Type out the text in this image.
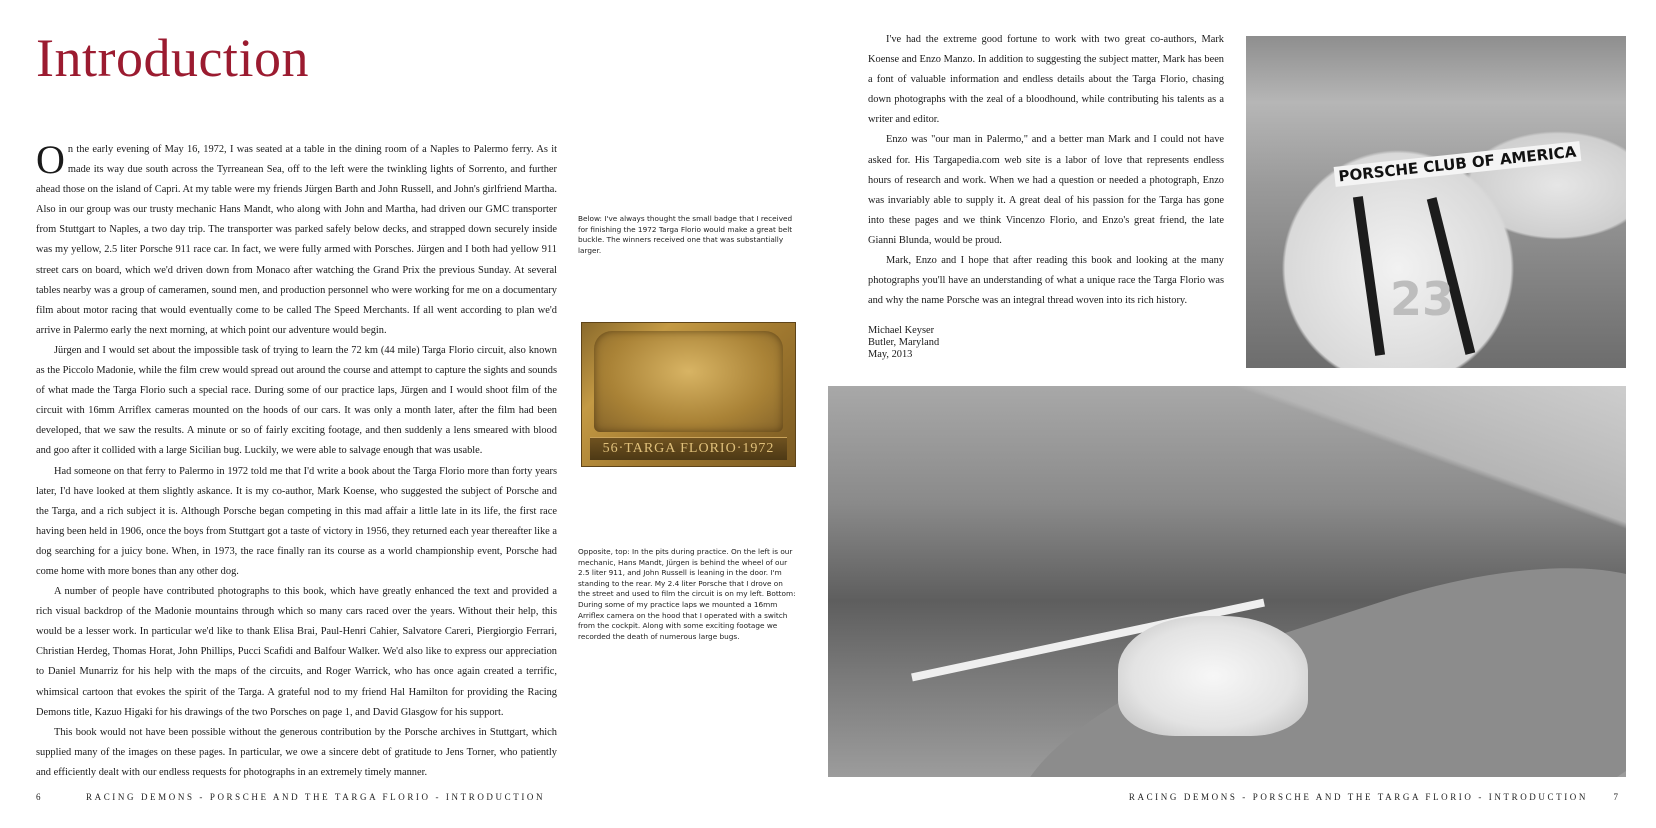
Introduction

On the early evening of May 16, 1972, I was seated at a table in the dining room of a Naples to Palermo ferry. As it made its way due south across the Tyrreanean Sea, off to the left were the twinkling lights of Sorrento, and further ahead those on the island of Capri. At my table were my friends Jürgen Barth and John Russell, and John's girlfriend Martha. Also in our group was our trusty mechanic Hans Mandt, who along with John and Martha, had driven our GMC transporter from Stuttgart to Naples, a two day trip. The transporter was parked safely below decks, and strapped down securely inside was my yellow, 2.5 liter Porsche 911 race car. In fact, we were fully armed with Porsches. Jürgen and I both had yellow 911 street cars on board, which we'd driven down from Monaco after watching the Grand Prix the previous Sunday. At several tables nearby was a group of cameramen, sound men, and production personnel who were working for me on a documentary film about motor racing that would eventually come to be called The Speed Merchants. If all went according to plan we'd arrive in Palermo early the next morning, at which point our adventure would begin.

Jürgen and I would set about the impossible task of trying to learn the 72 km (44 mile) Targa Florio circuit, also known as the Piccolo Madonie, while the film crew would spread out around the course and attempt to capture the sights and sounds of what made the Targa Florio such a special race. During some of our practice laps, Jürgen and I would shoot film of the circuit with 16mm Arriflex cameras mounted on the hoods of our cars. It was only a month later, after the film had been developed, that we saw the results. A minute or so of fairly exciting footage, and then suddenly a lens smeared with blood and goo after it collided with a large Sicilian bug. Luckily, we were able to salvage enough that was usable.

Had someone on that ferry to Palermo in 1972 told me that I'd write a book about the Targa Florio more than forty years later, I'd have looked at them slightly askance. It is my co-author, Mark Koense, who suggested the subject of Porsche and the Targa, and a rich subject it is. Although Porsche began competing in this mad affair a little late in its life, the first race having been held in 1906, once the boys from Stuttgart got a taste of victory in 1956, they returned each year thereafter like a dog searching for a juicy bone. When, in 1973, the race finally ran its course as a world championship event, Porsche had come home with more bones than any other dog.

A number of people have contributed photographs to this book, which have greatly enhanced the text and provided a rich visual backdrop of the Madonie mountains through which so many cars raced over the years. Without their help, this would be a lesser work. In particular we'd like to thank Elisa Brai, Paul-Henri Cahier, Salvatore Careri, Piergiorgio Ferrari, Christian Herdeg, Thomas Horat, John Phillips, Pucci Scafidi and Balfour Walker. We'd also like to express our appreciation to Daniel Munarriz for his help with the maps of the circuits, and Roger Warrick, who has once again created a terrific, whimsical cartoon that evokes the spirit of the Targa. A grateful nod to my friend Hal Hamilton for providing the Racing Demons title, Kazuo Higaki for his drawings of the two Porsches on page 1, and David Glasgow for his support.

This book would not have been possible without the generous contribution by the Porsche archives in Stuttgart, which supplied many of the images on these pages. In particular, we owe a sincere debt of gratitude to Jens Torner, who patiently and efficiently dealt with our endless requests for photographs in an extremely timely manner.

Below: I've always thought the small badge that I received for finishing the 1972 Targa Florio would make a great belt buckle. The winners received one that was substantially larger.

56·TARGA FLORIO·1972

Opposite, top: In the pits during practice. On the left is our mechanic, Hans Mandt, Jürgen is behind the wheel of our 2.5 liter 911, and John Russell is leaning in the door. I'm standing to the rear. My 2.4 liter Porsche that I drove on the street and used to film the circuit is on my left. Bottom: During some of my practice laps we mounted a 16mm Arriflex camera on the hood that I operated with a switch from the cockpit. Along with some exciting footage we recorded the death of numerous large bugs.

6	RACING DEMONS - PORSCHE AND THE TARGA FLORIO - INTRODUCTION

I've had the extreme good fortune to work with two great co-authors, Mark Koense and Enzo Manzo. In addition to suggesting the subject matter, Mark has been a font of valuable information and endless details about the Targa Florio, chasing down photographs with the zeal of a bloodhound, while contributing his talents as a writer and editor.

Enzo was "our man in Palermo," and a better man Mark and I could not have asked for. His Targapedia.com web site is a labor of love that represents endless hours of research and work. When we had a question or needed a photograph, Enzo was invariably able to supply it. A great deal of his passion for the Targa has gone into these pages and we think Vincenzo Florio, and Enzo's great friend, the late Gianni Blunda, would be proud.

Mark, Enzo and I hope that after reading this book and looking at the many photographs you'll have an understanding of what a unique race the Targa Florio was and why the name Porsche was an integral thread woven into its rich history.

Michael Keyser
Butler, Maryland
May, 2013
PORSCHE CLUB OF AMERICA
23
RACING DEMONS - PORSCHE AND THE TARGA FLORIO - INTRODUCTION	7
